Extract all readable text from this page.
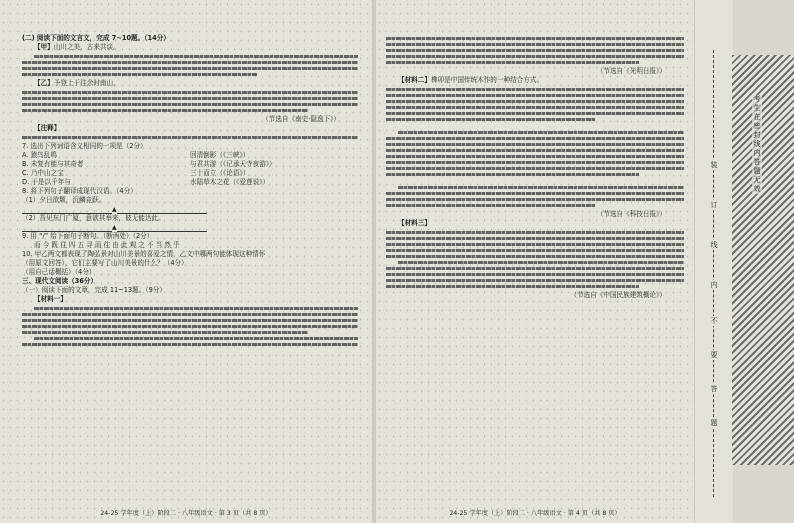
(二) 阅读下面的文言文，完成 7~10题。（14分）
【甲】山川之美，古来共谈。
【乙】予登上于往余时南山，
（节选自《南史·隐逸下》）
【注释】
7. 选出下列词语含义相同的一项是（2分）
A. 猿鸟乱鸣	回清倒影（《三峡》）
B. 未复有能与其奇者	与君共游（《记承天寺夜游》）
C. 乃中山之宝	三十而立（《论语》）
D. 于是以千年与	水陆草木之花（《爱莲说》）
8. 将下列句子翻译成现代汉语。（4分）
（1）夕日欲颓，沉鳞竞跃。
▲
（2）吾见东门广厦，意欲其举来，彼无能达此。
▲
9. 用 “/” 给下面句子断句。（断两处）（2分）
而 今 既 往 四 五 寻 而 往 由 此 观 之 不 当 然 乎
10. 甲乙两文都表现了陶弘景对山川美景的喜爱之情，乙文中哪两句能体现这种情怀
（用原文回答），它们主要写了山川美景的什么？（4分）
（用自己话概括）（4分）
三、现代文阅读（36分）
（一）阅读下面的文章，完成 11~13题。（9分）
【材料一】
24-25 学年度（上）阶段二 · 八年级语文 · 第 3 页（共 8 页）
（节选自《光明日报》）
【材料二】榫卯是中国传统木作的一种结合方式。
（节选自《科技日报》）
【材料三】
（节选自《中国民族建筑概论》）
24-25 学年度（上）阶段二 · 八年级语文 · 第 4 页（共 8 页）
装
订
线
内
不
要
答
题
考生在密封线内答题无效
